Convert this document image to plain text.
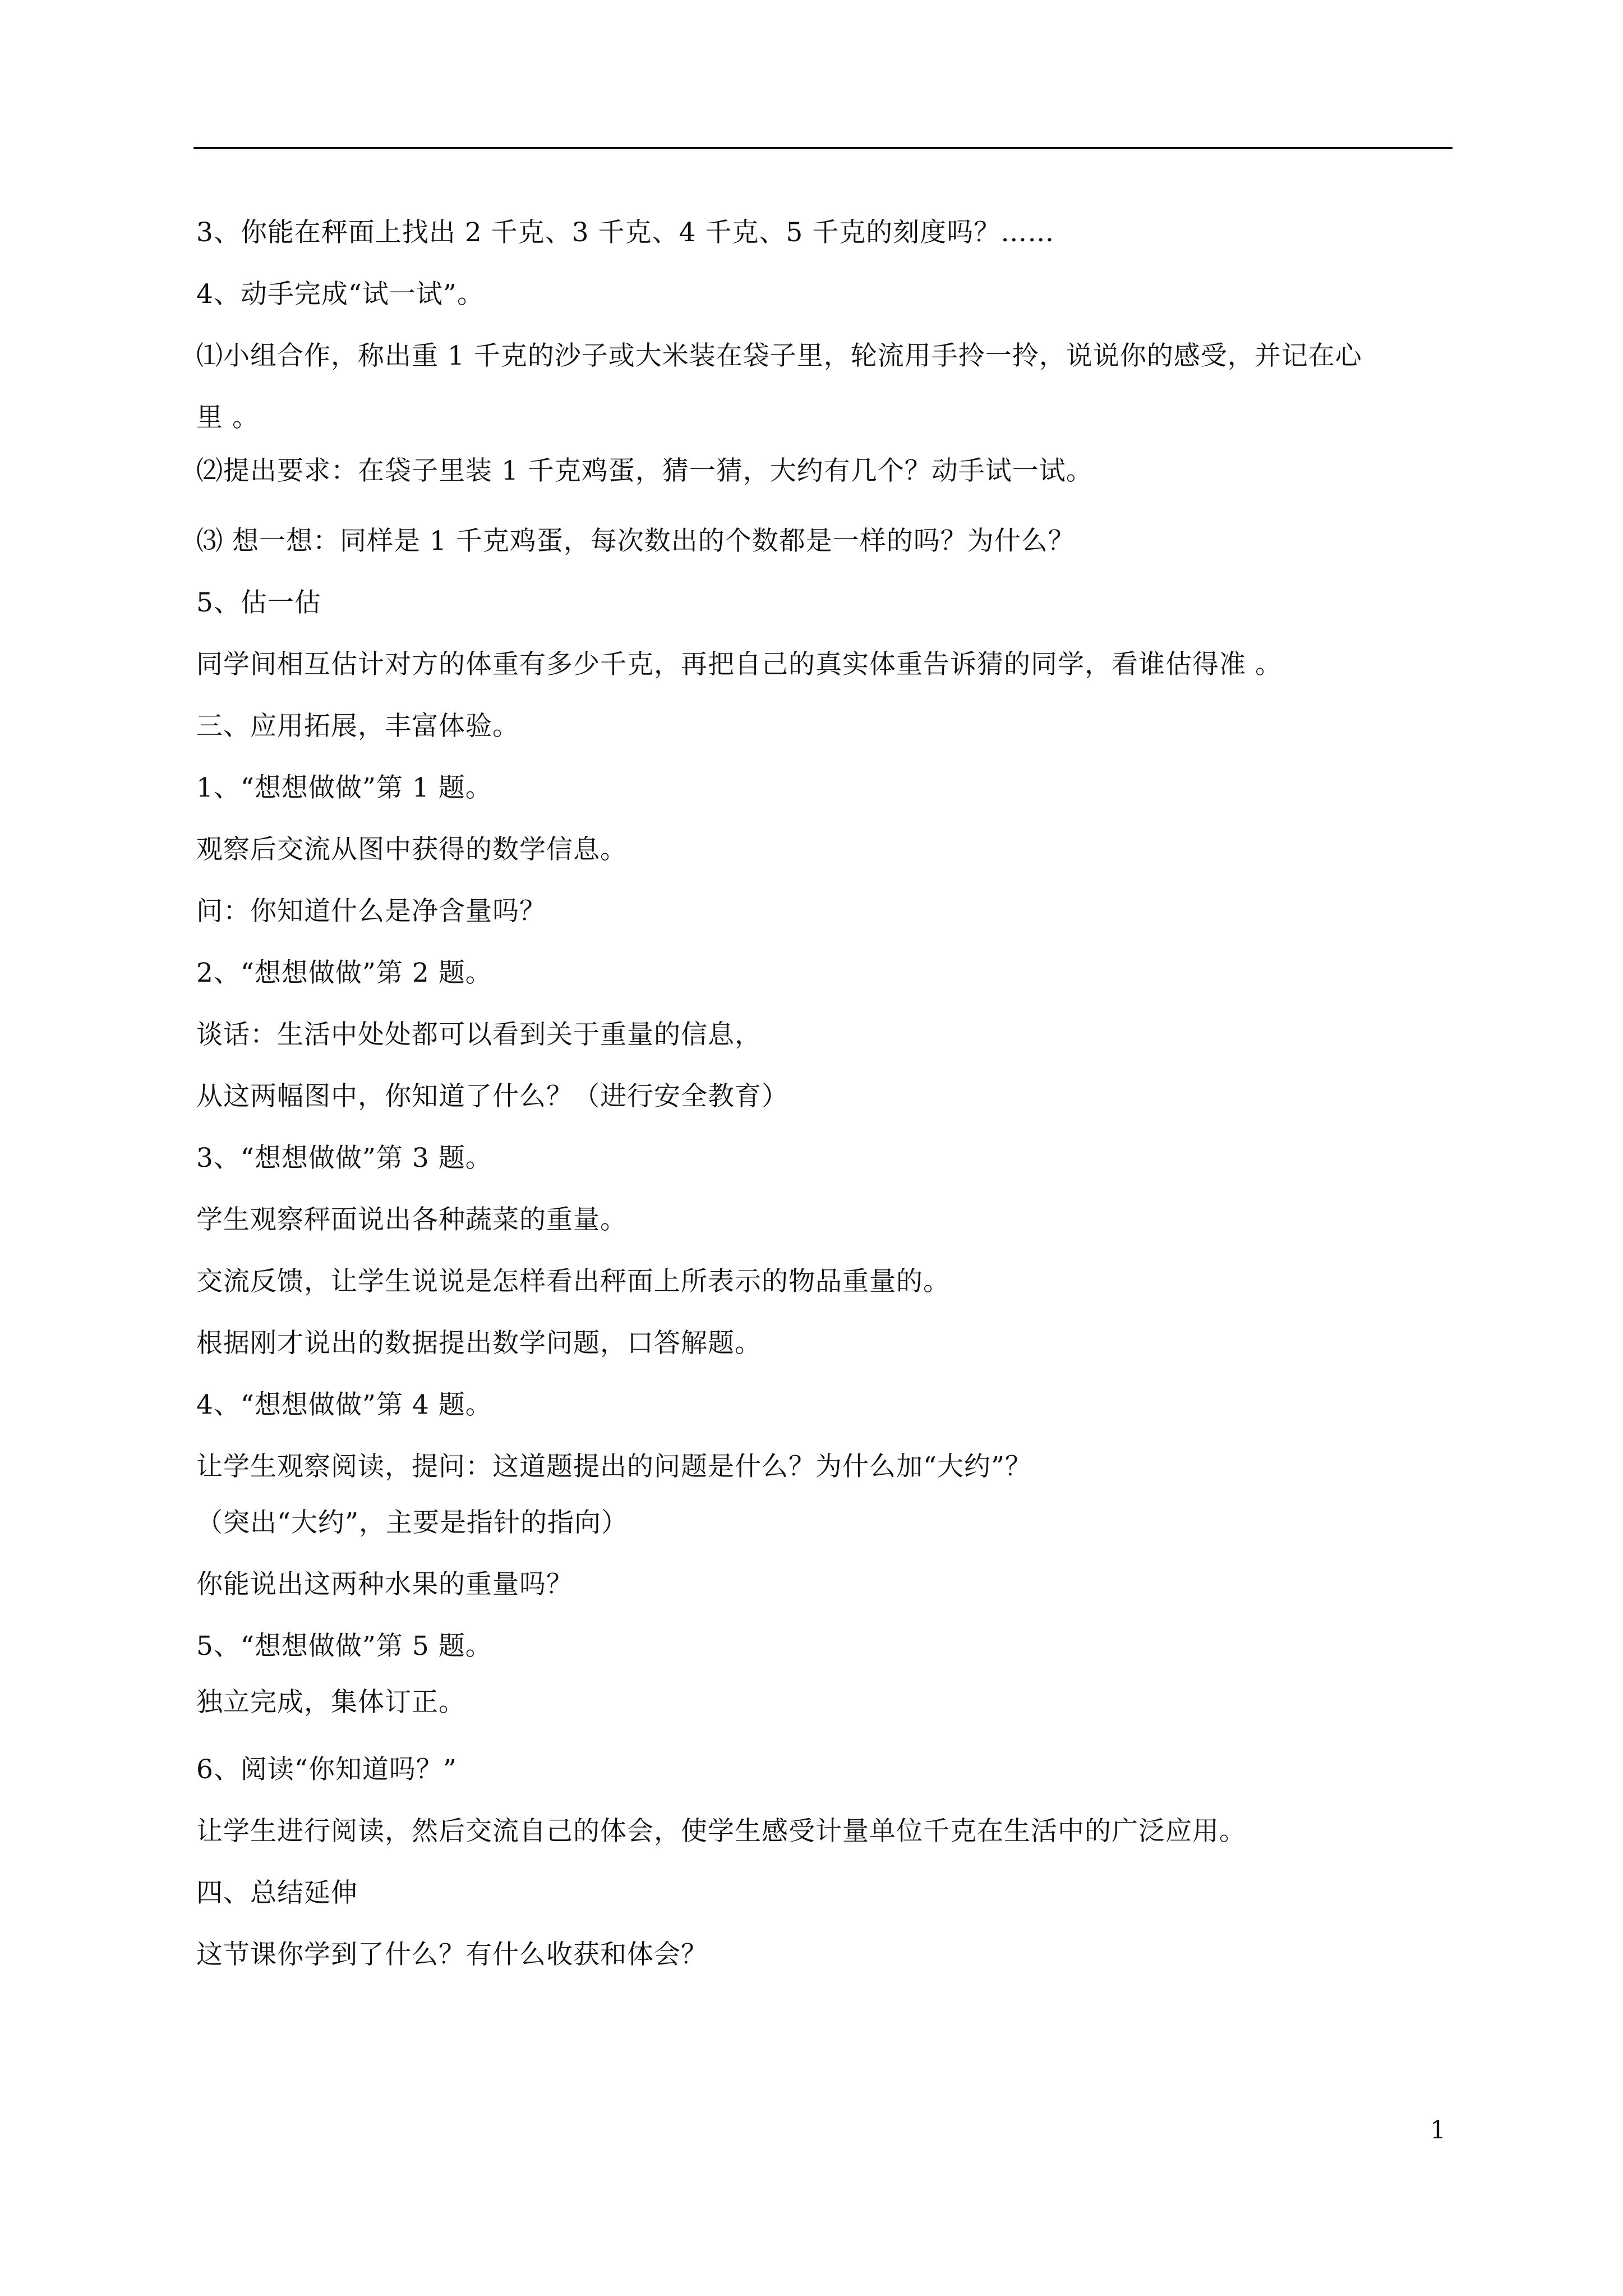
3、你能在秤面上找出 2 千克、3 千克、4 千克、5 千克的刻度吗？……
4、动手完成“试一试”。
⑴小组合作，称出重 1 千克的沙子或大米装在袋子里，轮流用手拎一拎，说说你的感受，并记在心
里 。
⑵提出要求：在袋子里装 1 千克鸡蛋，猜一猜，大约有几个？动手试一试。
⑶ 想一想：同样是 1 千克鸡蛋，每次数出的个数都是一样的吗？为什么？
5、估一估
同学间相互估计对方的体重有多少千克，再把自己的真实体重告诉猜的同学，看谁估得准 。
三、应用拓展，丰富体验。
1、“想想做做”第 1 题。
观察后交流从图中获得的数学信息。
问：你知道什么是净含量吗？
2、“想想做做”第 2 题。
谈话：生活中处处都可以看到关于重量的信息，
从这两幅图中，你知道了什么？（进行安全教育）
3、“想想做做”第 3 题。
学生观察秤面说出各种蔬菜的重量。
交流反馈，让学生说说是怎样看出秤面上所表示的物品重量的。
根据刚才说出的数据提出数学问题，口答解题。
4、“想想做做”第 4 题。
让学生观察阅读，提问：这道题提出的问题是什么？为什么加“大约”？
（突出“大约”，主要是指针的指向）
你能说出这两种水果的重量吗？
5、“想想做做”第 5 题。
独立完成，集体订正。
6、阅读“你知道吗？”
让学生进行阅读，然后交流自己的体会，使学生感受计量单位千克在生活中的广泛应用。
四、总结延伸
这节课你学到了什么？有什么收获和体会？
1
